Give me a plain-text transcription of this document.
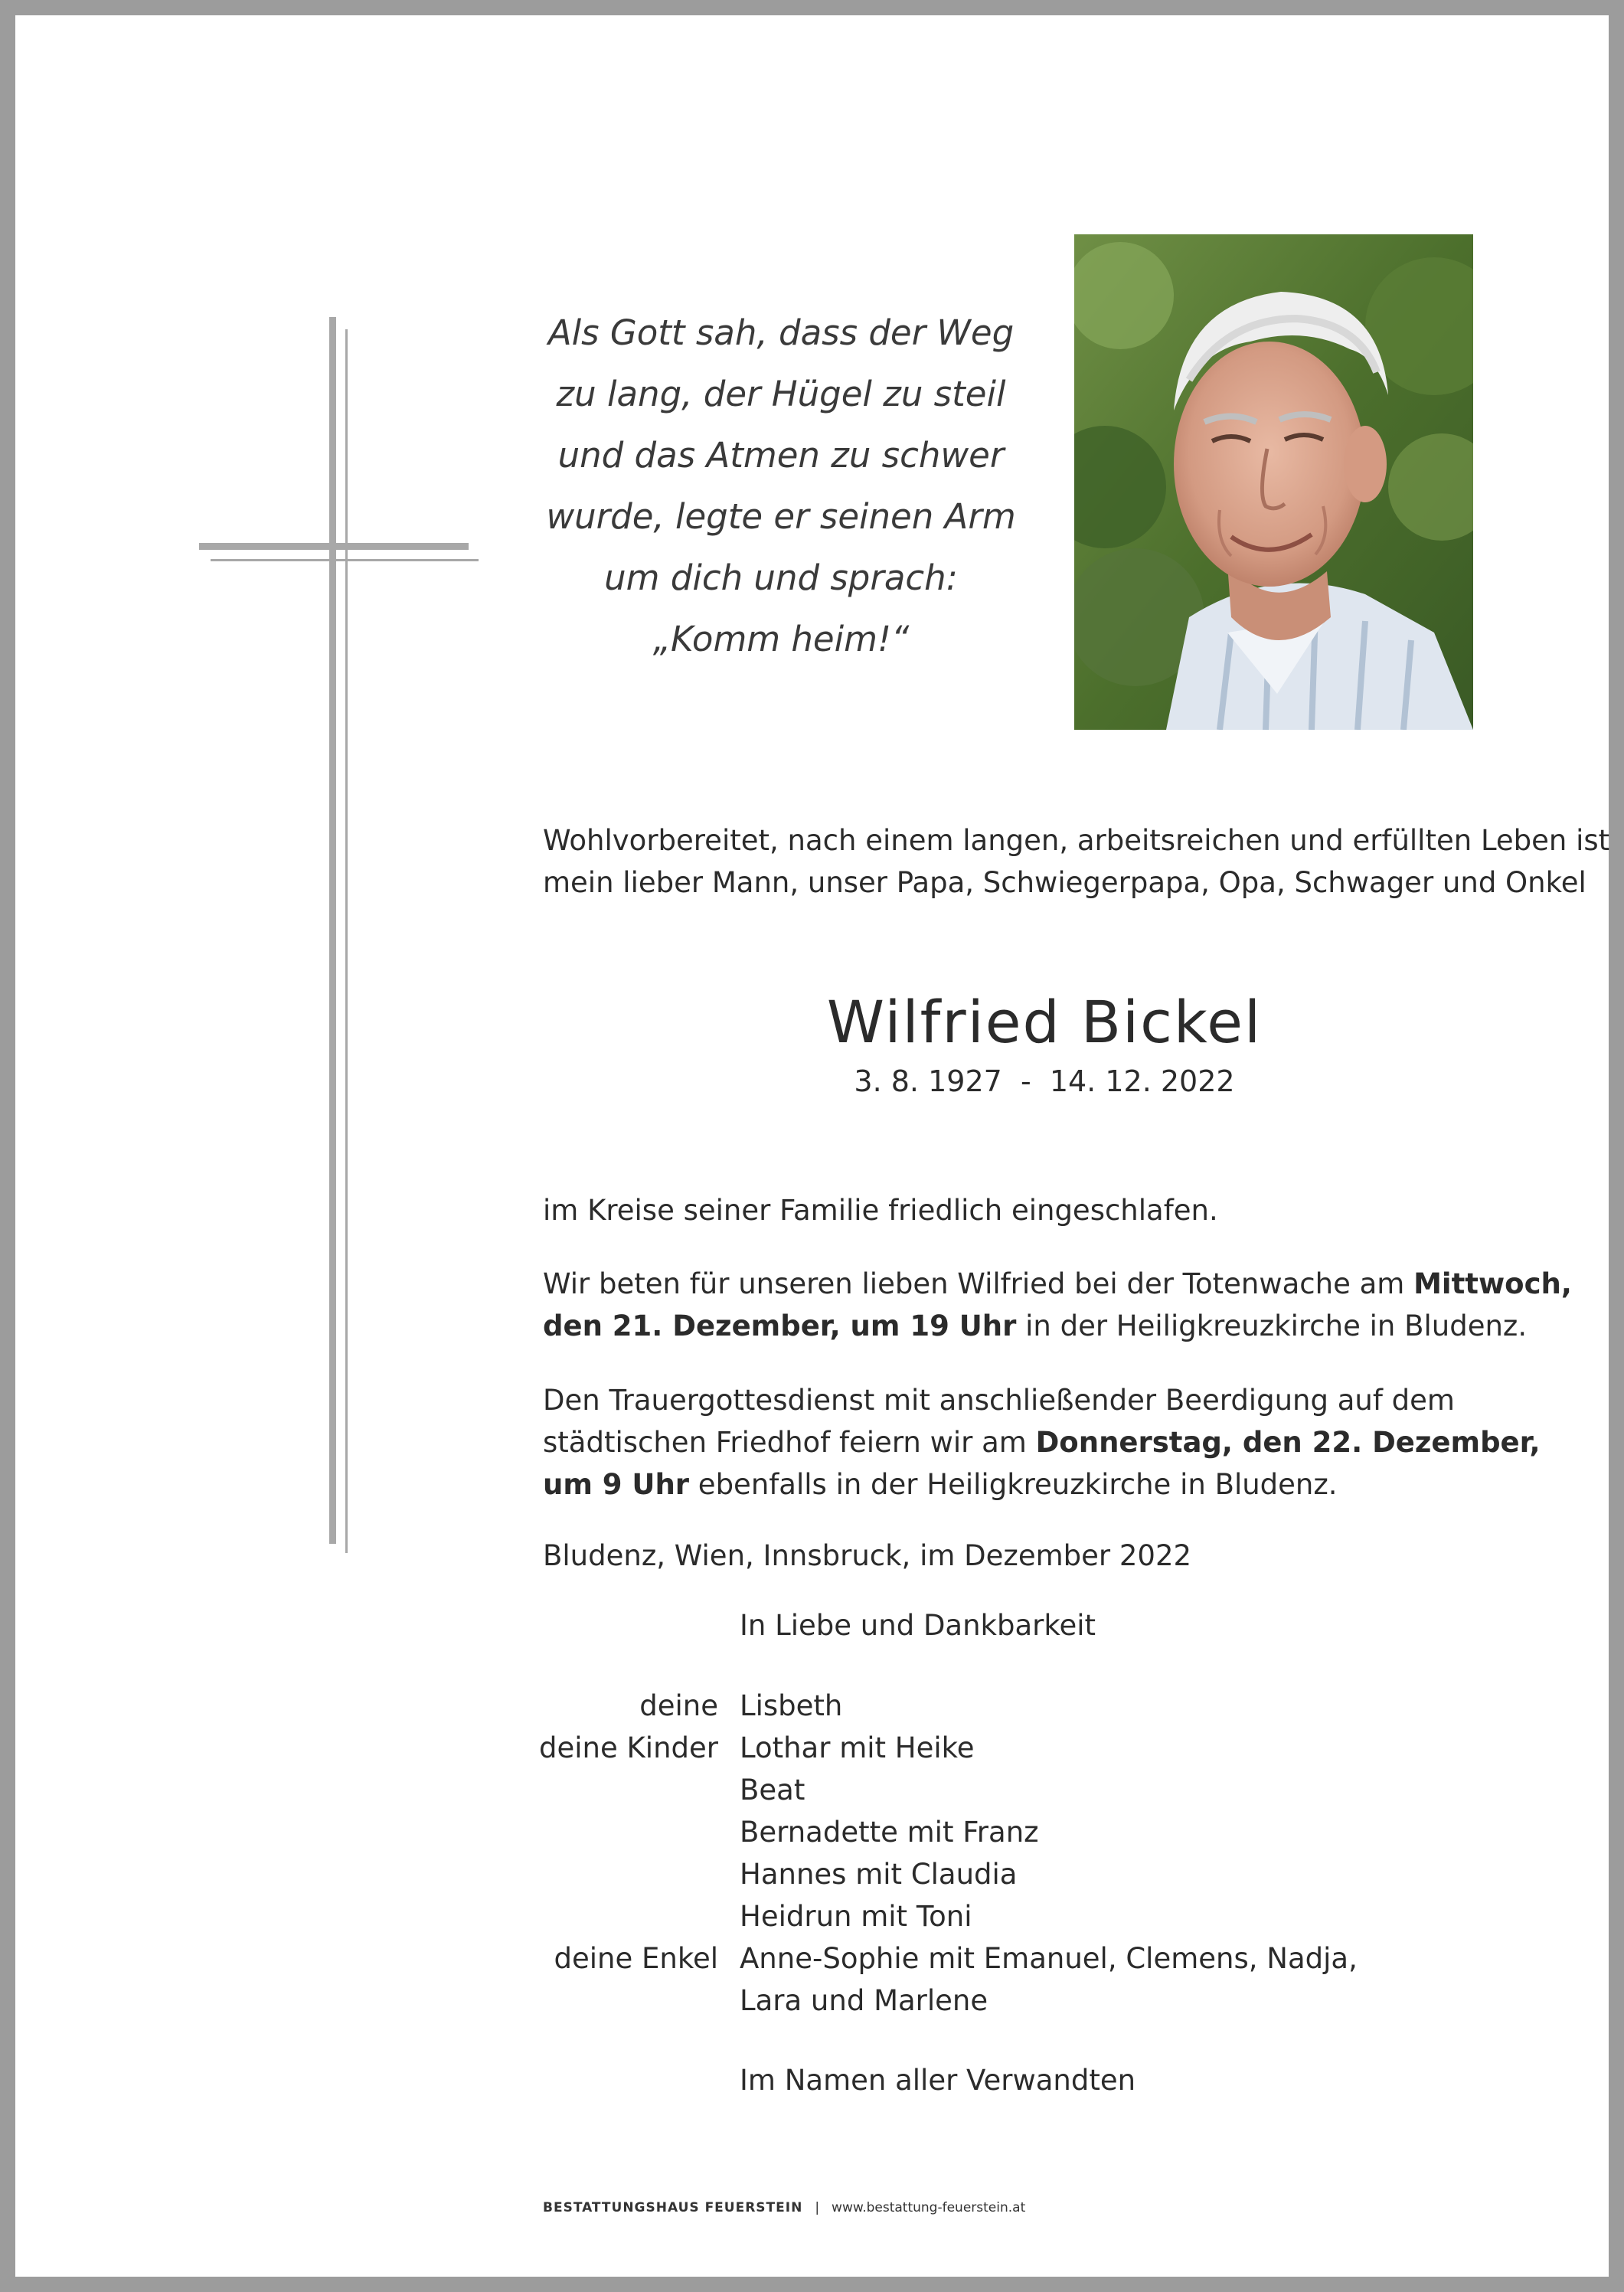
Als Gott sah, dass der Weg
zu lang, der Hügel zu steil
und das Atmen zu schwer
wurde, legte er seinen Arm
um dich und sprach:
„Komm heim!“
Wohlvorbereitet, nach einem langen, arbeitsreichen und erfüllten Leben ist
mein lieber Mann, unser Papa, Schwiegerpapa, Opa, Schwager und Onkel
Wilfried Bickel
3. 8. 1927  -  14. 12. 2022
im Kreise seiner Familie friedlich eingeschlafen.
Wir beten für unseren lieben Wilfried bei der Totenwache am Mittwoch,
den 21. Dezember, um 19 Uhr in der Heiligkreuzkirche in Bludenz.
Den Trauergottesdienst mit anschließender Beerdigung auf dem
städtischen Friedhof feiern wir am Donnerstag, den 22. Dezember,
um 9 Uhr ebenfalls in der Heiligkreuzkirche in Bludenz.
Bludenz, Wien, Innsbruck, im Dezember 2022
In Liebe und Dankbarkeit
deine Lisbeth
deine Kinder Lothar mit Heike
Beat
Bernadette mit Franz
Hannes mit Claudia
Heidrun mit Toni
deine Enkel Anne-Sophie mit Emanuel, Clemens, Nadja,
Lara und Marlene
Im Namen aller Verwandten
BESTATTUNGSHAUS FEUERSTEIN | www.bestattung-feuerstein.at
